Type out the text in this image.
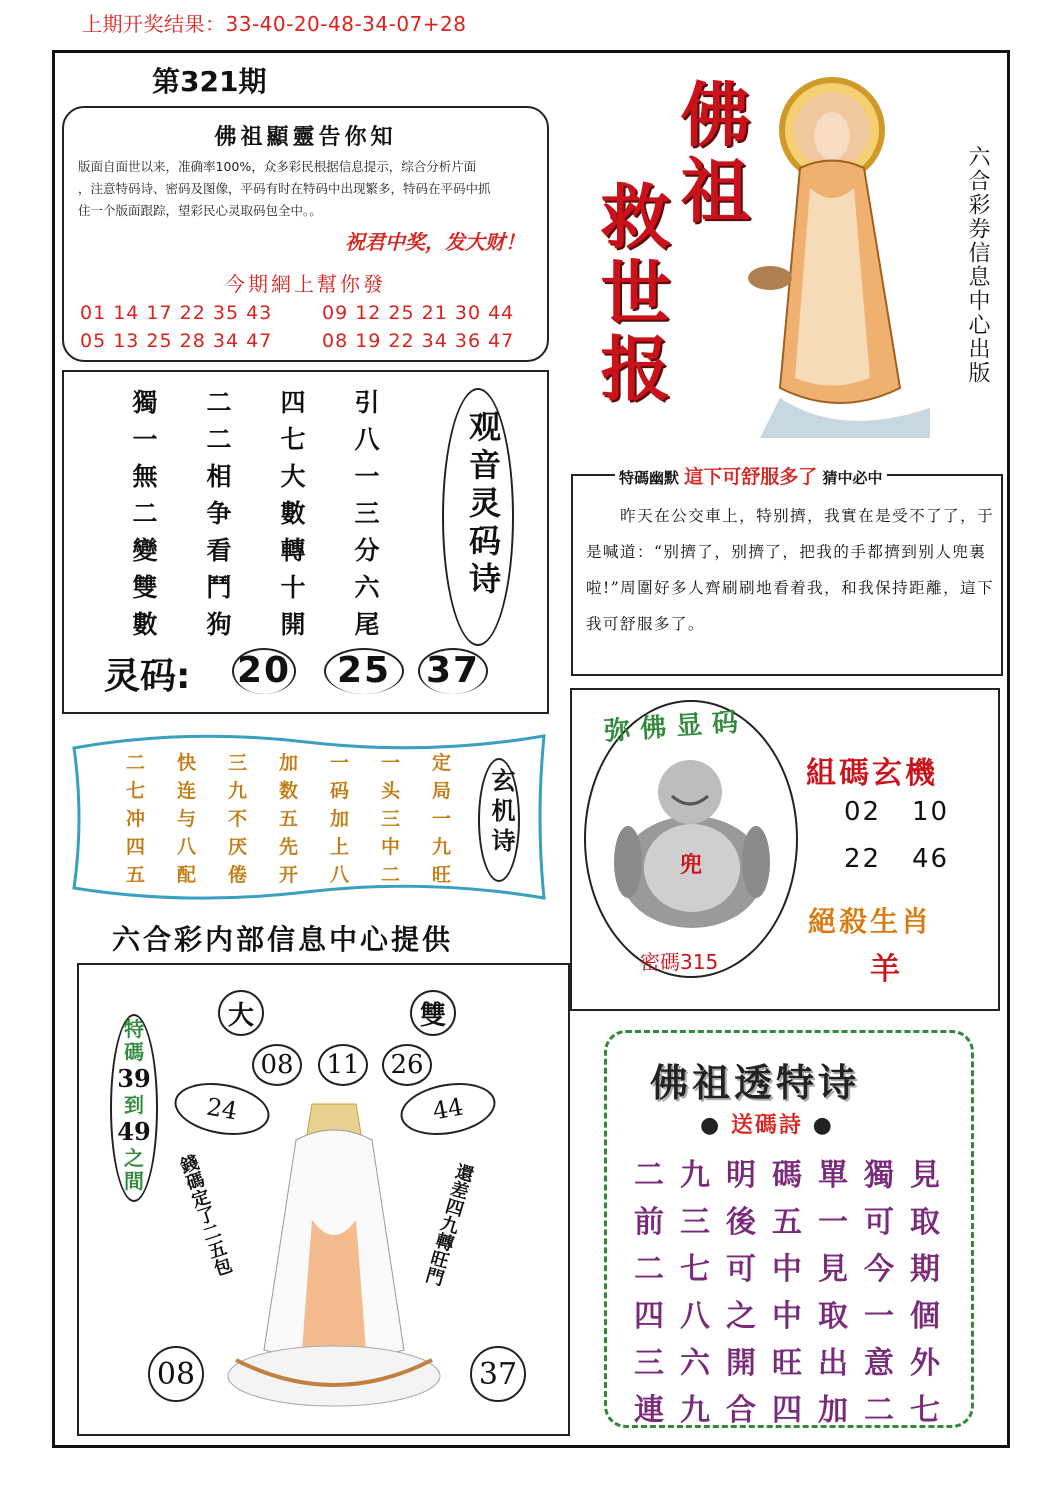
上期开奖结果：33-40-20-48-34-07+28
第321期
佛祖顯靈告你知
版面自面世以来，准确率100%，众多彩民根据信息提示，综合分析片面
，注意特码诗、密码及图像，平码有时在特码中出现繁多，特码在平码中抓
住一个版面跟踪，望彩民心灵取码包全中。。
祝君中奖，发大财！
今期網上幫你發
01 14 17 22 35 43
05 13 25 28 34 47
09 12 25 21 30 44
08 19 22 34 36 47
佛祖
救世报	六合彩券信息中心出版
獨	二	四	引
一	二	七	八
無	相	大	一
二	争	數	三
變	看	轉	分
雙	鬥	十	六
數	狗	開	尾
观音灵码诗
灵码: 20	25 37
二	快	三	加	一	一	定
七	连	九	数	码	头	局
冲	与	不	五	加	三	一
四	八	厌	先	上	中	九
五	配	倦	开	八	二	旺
玄机诗
六合彩内部信息中心提供
特碼幽默 這下可舒服多了 猜中必中
昨天在公交車上，特别擠，我實在是受不了了，于是喊道：“别擠了，别擠了，把我的手都擠到别人兜裏啦!”周圍好多人齊刷刷地看着我，和我保持距離，這下我可舒服多了。
弥佛显码
兜
密碼315
組碼玄機
02 10
22 46
絕殺生肖
羊
大	雙
08	11	26
24	44
08	37
特
碼
39
到
49
之
間	錢碼定了二五包	還差四九轉旺門
佛祖透特诗
● 送碼詩 ●
二 九 明 碼 單 獨 見
前 三 後 五 一 可 取
二 七 可 中 見 今 期
四 八 之 中 取 一 個
三 六 開 旺 出 意 外
連 九 合 四 加 二 七
